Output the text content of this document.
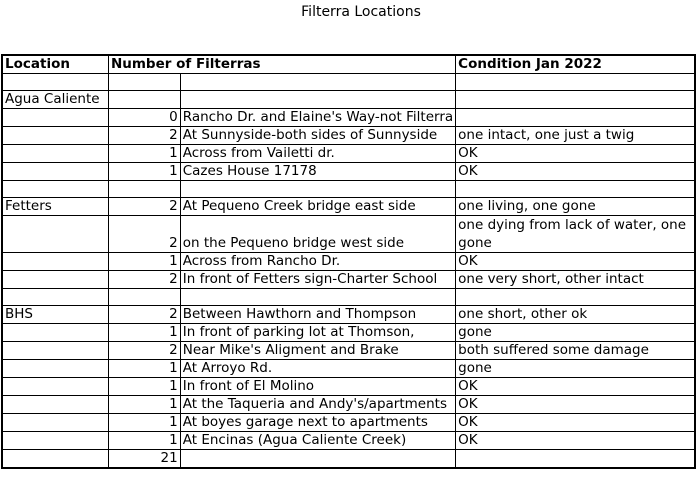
Filterra Locations
Location	Number of Filterras		Condition Jan 2022

Agua Caliente			
	0	Rancho Dr. and Elaine's Way-not Filterra	
	2	At Sunnyside-both sides of Sunnyside	one intact, one just a twig
	1	Across from Vailetti dr.	OK
	1	Cazes House 17178	OK

Fetters	2	At Pequeno Creek bridge east side	one living, one gone
	2	on the Pequeno bridge west side	one dying from lack of water, one gone
	1	Across from Rancho Dr.	OK
	2	In front of Fetters sign-Charter School	one very short, other intact

BHS	2	Between Hawthorn and Thompson	one short, other ok
	1	In front of parking lot at Thomson,	gone
	2	Near Mike's Aligment and Brake	both suffered some damage
	1	At Arroyo Rd.	gone
	1	In front of El Molino	OK
	1	At the Taqueria and Andy's/apartments	OK
	1	At boyes garage next to apartments	OK
	1	At Encinas (Agua Caliente Creek)	OK
	21		
